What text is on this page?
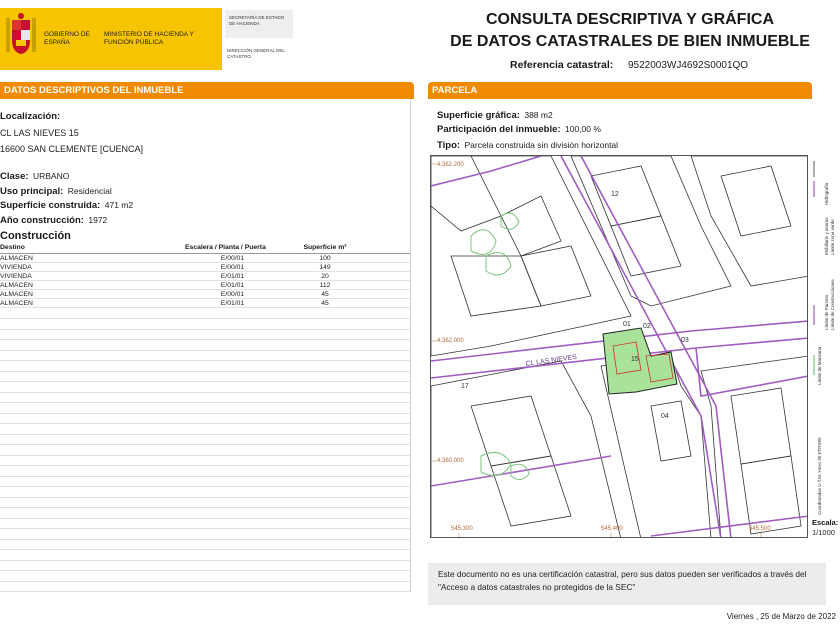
GOBIERNO DE ESPAÑA
MINISTERIO DE HACIENDA Y FUNCIÓN PÚBLICA
SECRETARÍA DE ESTADO DE HACIENDA
DIRECCIÓN GENERAL DEL CATASTRO
CONSULTA DESCRIPTIVA Y GRÁFICA
DE DATOS CATASTRALES DE BIEN INMUEBLE
Referencia catastral: 9522003WJ4692S0001QO
DATOS DESCRIPTIVOS DEL INMUEBLE
Localización:
CL LAS NIEVES 15
16600 SAN CLEMENTE [CUENCA]
Clase: URBANO
Uso principal: Residencial
Superficie construida: 471 m2
Año construcción: 1972
Construcción
Destino	Escalera / Planta / Puerta	Superficie m²	
ALMACEN	E/00/01	100	
VIVIENDA	E/00/01	149	
VIVIENDA	E/01/01	20	
ALMACEN	E/01/01	112	
ALMACEN	E/00/01	45	
ALMACEN	E/01/01	45	
PARCELA
Superficie gráfica: 388 m2
Participación del inmueble: 100,00 %
Tipo: Parcela construida sin división horizontal
4.362.200
4.362.000
4.360.000
545.300	545.400	545.500
CL LAS NIEVES	15
01 02
03
04
12
17
Coordenadas U.T.M. Huso 30 ETRS89
Límite de Manzana
Límite de Parcela Límite de Construcciones
Mobiliario y aceras Límite zona verde
Hidrografía
Escala:
1/1000
Este documento no es una certificación catastral, pero sus datos pueden ser verificados a través del "Acceso a datos catastrales no protegidos de la SEC"
Viernes , 25 de Marzo de 2022
